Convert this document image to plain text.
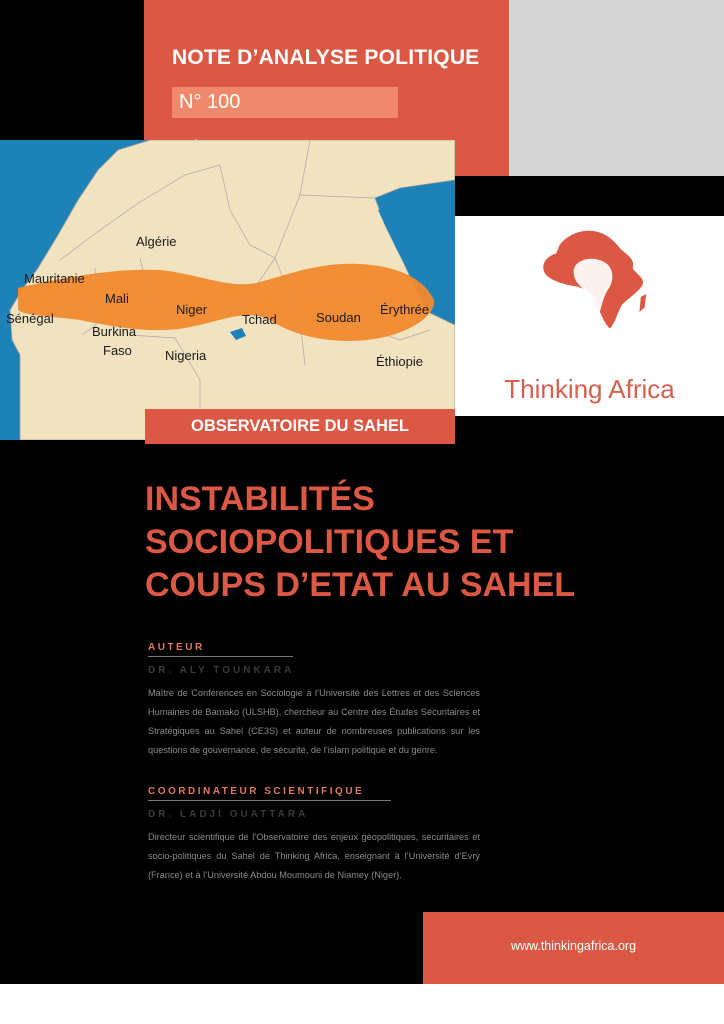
NOTE D’ANALYSE POLITIQUE
N° 100
Algérie
Mauritanie
Mali
Sénégal
Niger
Burkina
Faso
Tchad	Soudan
Érythrée
Nigeria	Éthiopie
Thinking Africa
OBSERVATOIRE DU SAHEL
INSTABILITÉS
SOCIOPOLITIQUES ET
COUPS D’ETAT AU SAHEL
AUTEUR
DR. ALY TOUNKARA

Maître de Conférences en Sociologie à l’Université des Lettres et des Sciences Humaines de Bamako (ULSHB), chercheur au Centre des Études Sécuritaires et Stratégiques au Sahel (CE3S) et auteur de nombreuses publications sur les questions de gouvernance, de sécurité, de l’islam politique et du genre.

COORDINATEUR SCIENTIFIQUE
DR. LADJI OUATTARA

Directeur scientifique de l’Observatoire des enjeux géopolitiques, sécuritaires et socio-politiques du Sahel de Thinking Africa, enseignant à l’Université d’Evry (France) et à l’Université Abdou Moumouni de Niamey (Niger).

www.thinkingafrica.org
